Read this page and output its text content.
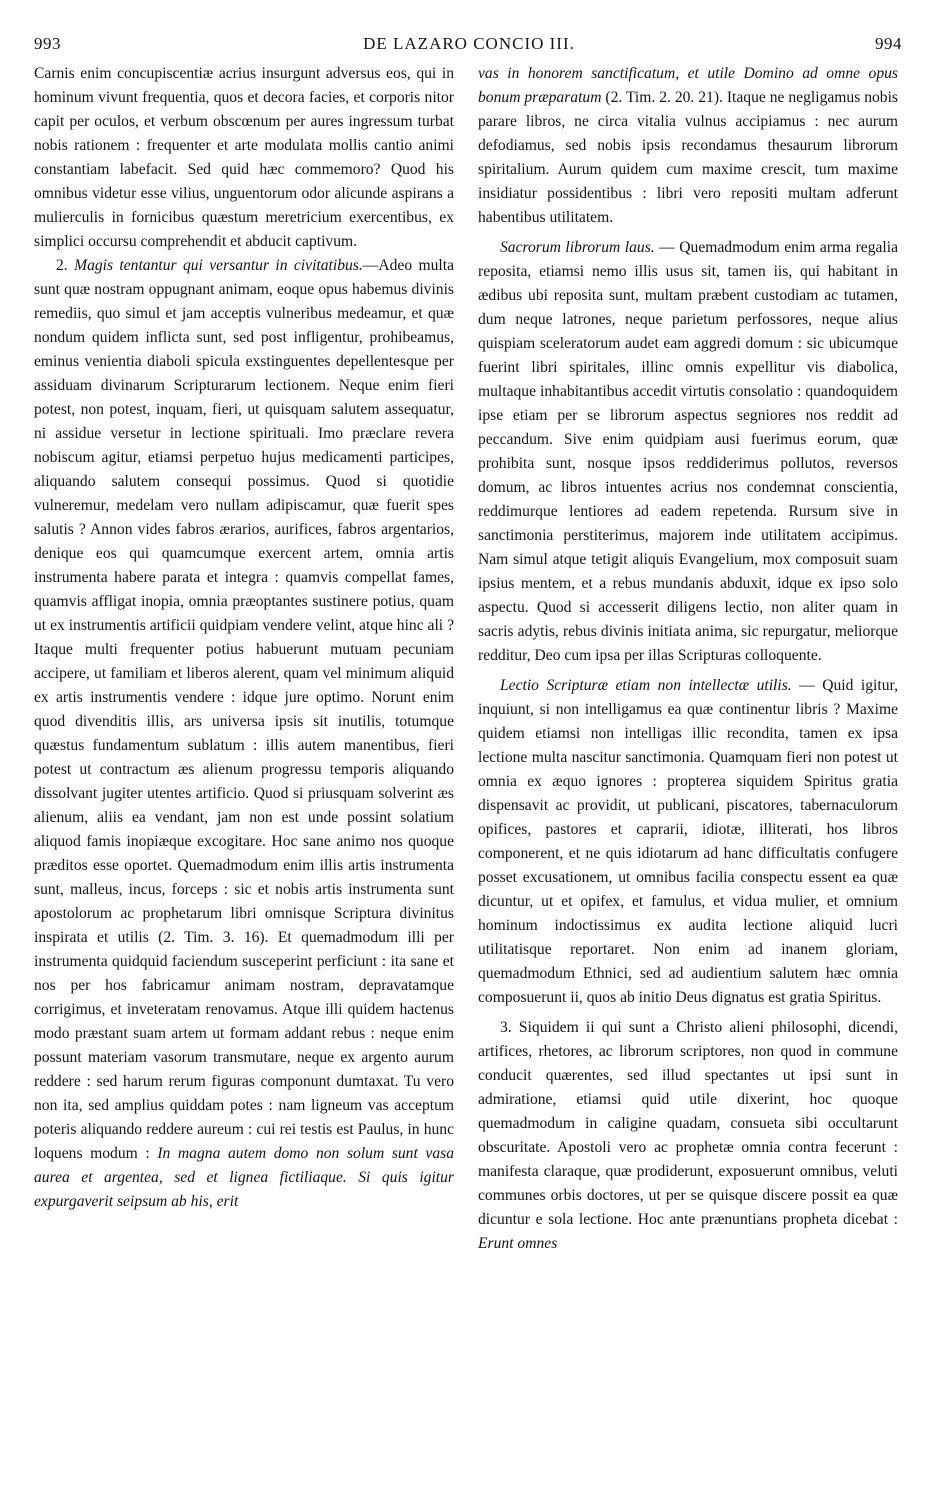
993	DE LAZARO CONCIO III.	994

Carnis enim concupiscentiæ acrius insurgunt adversus eos, qui in hominum vivunt frequentia, quos et decora facies, et corporis nitor capit per oculos, et verbum obscœnum per aures ingressum turbat nobis rationem : frequenter et arte modulata mollis cantio animi constantiam labefacit. Sed quid hæc commemoro? Quod his omnibus videtur esse vilius, unguentorum odor alicunde aspirans a mulierculis in fornicibus quæstum meretricium exercentibus, ex simplici occursu comprehendit et abducit captivum.

2. Magis tentantur qui versantur in civitatibus.—Adeo multa sunt quæ nostram oppugnant animam, eoque opus habemus divinis remediis, quo simul et jam acceptis vulneribus medeamur, et quæ nondum quidem inflicta sunt, sed post infligentur, prohibeamus, eminus venientia diaboli spicula exstinguentes depellentesque per assiduam divinarum Scripturarum lectionem. Neque enim fieri potest, non potest, inquam, fieri, ut quisquam salutem assequatur, ni assidue versetur in lectione spirituali. Imo præclare revera nobiscum agitur, etiamsi perpetuo hujus medicamenti participes, aliquando salutem consequi possimus. Quod si quotidie vulneremur, medelam vero nullam adipiscamur, quæ fuerit spes salutis ? Annon vides fabros ærarios, aurifices, fabros argentarios, denique eos qui quamcumque exercent artem, omnia artis instrumenta habere parata et integra : quamvis compellat fames, quamvis affligat inopia, omnia præoptantes sustinere potius, quam ut ex instrumentis artificii quidpiam vendere velint, atque hinc ali ? Itaque multi frequenter potius habuerunt mutuam pecuniam accipere, ut familiam et liberos alerent, quam vel minimum aliquid ex artis instrumentis vendere : idque jure optimo. Norunt enim quod divenditis illis, ars universa ipsis sit inutilis, totumque quæstus fundamentum sublatum : illis autem manentibus, fieri potest ut contractum æs alienum progressu temporis aliquando dissolvant jugiter utentes artificio. Quod si priusquam solverint æs alienum, aliis ea vendant, jam non est unde possint solatium aliquod famis inopiæque excogitare. Hoc sane animo nos quoque præditos esse oportet. Quemadmodum enim illis artis instrumenta sunt, malleus, incus, forceps : sic et nobis artis instrumenta sunt apostolorum ac prophetarum libri omnisque Scriptura divinitus inspirata et utilis (2. Tim. 3. 16). Et quemadmodum illi per instrumenta quidquid faciendum susceperint perficiunt : ita sane et nos per hos fabricamur animam nostram, depravatamque corrigimus, et inveteratam renovamus. Atque illi quidem hactenus modo præstant suam artem ut formam addant rebus : neque enim possunt materiam vasorum transmutare, neque ex argento aurum reddere : sed harum rerum figuras componunt dumtaxat. Tu vero non ita, sed amplius quiddam potes : nam ligneum vas acceptum poteris aliquando reddere aureum : cui rei testis est Paulus, in hunc loquens modum : In magna autem domo non solum sunt vasa aurea et argentea, sed et lignea fictiliaque. Si quis igitur expurgaverit seipsum ab his, erit

vas in honorem sanctificatum, et utile Domino ad omne opus bonum præparatum (2. Tim. 2. 20. 21). Itaque ne negligamus nobis parare libros, ne circa vitalia vulnus accipiamus : nec aurum defodiamus, sed nobis ipsis recondamus thesaurum librorum spiritalium. Aurum quidem cum maxime crescit, tum maxime insidiatur possidentibus : libri vero repositi multam adferunt habentibus utilitatem.

Sacrorum librorum laus. — Quemadmodum enim arma regalia reposita, etiamsi nemo illis usus sit, tamen iis, qui habitant in ædibus ubi reposita sunt, multam præbent custodiam ac tutamen, dum neque latrones, neque parietum perfossores, neque alius quispiam sceleratorum audet eam aggredi domum : sic ubicumque fuerint libri spiritales, illinc omnis expellitur vis diabolica, multaque inhabitantibus accedit virtutis consolatio : quandoquidem ipse etiam per se librorum aspectus segniores nos reddit ad peccandum. Sive enim quidpiam ausi fuerimus eorum, quæ prohibita sunt, nosque ipsos reddiderimus pollutos, reversos domum, ac libros intuentes acrius nos condemnat conscientia, reddimurque lentiores ad eadem repetenda. Rursum sive in sanctimonia perstiterimus, majorem inde utilitatem accipimus. Nam simul atque tetigit aliquis Evangelium, mox composuit suam ipsius mentem, et a rebus mundanis abduxit, idque ex ipso solo aspectu. Quod si accesserit diligens lectio, non aliter quam in sacris adytis, rebus divinis initiata anima, sic repurgatur, meliorque redditur, Deo cum ipsa per illas Scripturas colloquente.

Lectio Scripturæ etiam non intellectæ utilis. — Quid igitur, inquiunt, si non intelligamus ea quæ continentur libris ? Maxime quidem etiamsi non intelligas illic recondita, tamen ex ipsa lectione multa nascitur sanctimonia. Quamquam fieri non potest ut omnia ex æquo ignores : propterea siquidem Spiritus gratia dispensavit ac providit, ut publicani, piscatores, tabernaculorum opifices, pastores et caprarii, idiotæ, illiterati, hos libros componerent, et ne quis idiotarum ad hanc difficultatis confugere posset excusationem, ut omnibus facilia conspectu essent ea quæ dicuntur, ut et opifex, et famulus, et vidua mulier, et omnium hominum indoctissimus ex audita lectione aliquid lucri utilitatisque reportaret. Non enim ad inanem gloriam, quemadmodum Ethnici, sed ad audientium salutem hæc omnia composuerunt ii, quos ab initio Deus dignatus est gratia Spiritus.

3. Siquidem ii qui sunt a Christo alieni philosophi, dicendi, artifices, rhetores, ac librorum scriptores, non quod in commune conducit quærentes, sed illud spectantes ut ipsi sunt in admiratione, etiamsi quid utile dixerint, hoc quoque quemadmodum in caligine quadam, consueta sibi occultarunt obscuritate. Apostoli vero ac prophetæ omnia contra fecerunt : manifesta claraque, quæ prodiderunt, exposuerunt omnibus, veluti communes orbis doctores, ut per se quisque discere possit ea quæ dicuntur e sola lectione. Hoc ante prænuntians propheta dicebat : Erunt omnes
